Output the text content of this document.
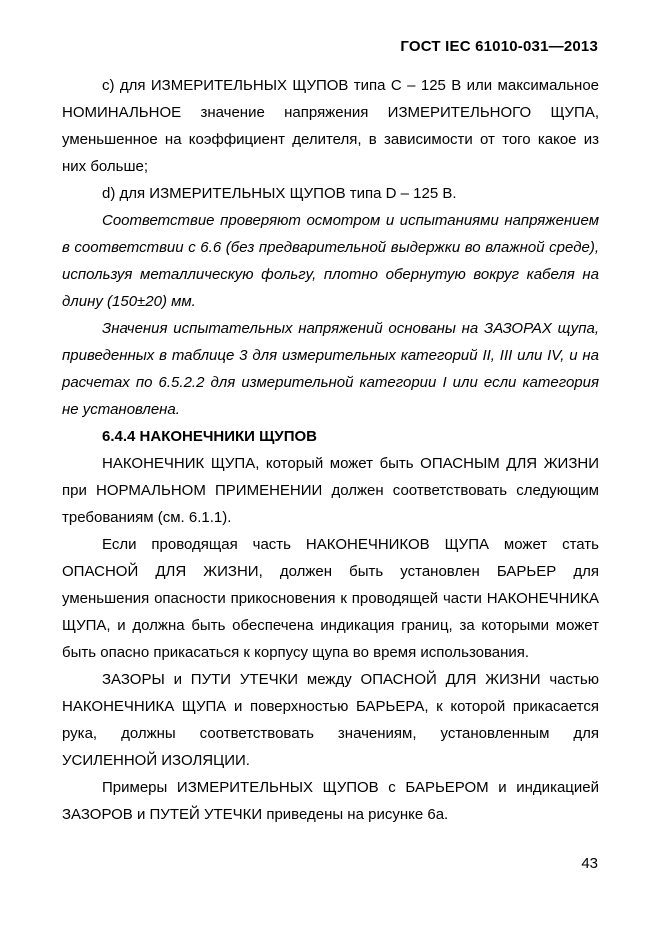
ГОСТ IEC 61010-031—2013

c) для ИЗМЕРИТЕЛЬНЫХ ЩУПОВ типа C – 125 В или максимальное НОМИНАЛЬНОЕ значение напряжения ИЗМЕРИТЕЛЬНОГО ЩУПА, уменьшенное на коэффициент делителя, в зависимости от того какое из них больше;

d) для ИЗМЕРИТЕЛЬНЫХ ЩУПОВ типа D – 125 В.

Соответствие проверяют осмотром и испытаниями напряжением в соответствии с 6.6 (без предварительной выдержки во влажной среде), используя металлическую фольгу, плотно обернутую вокруг кабеля на длину (150±20) мм.

Значения испытательных напряжений основаны на ЗАЗОРАХ щупа, приведенных в таблице 3 для измерительных категорий II, III или IV, и на расчетах по 6.5.2.2 для измерительной категории I или если категория не установлена.

6.4.4 НАКОНЕЧНИКИ ЩУПОВ

НАКОНЕЧНИК ЩУПА, который может быть ОПАСНЫМ ДЛЯ ЖИЗНИ при НОРМАЛЬНОМ ПРИМЕНЕНИИ должен соответствовать следующим требованиям (см. 6.1.1).

Если проводящая часть НАКОНЕЧНИКОВ ЩУПА может стать ОПАСНОЙ ДЛЯ ЖИЗНИ, должен быть установлен БАРЬЕР для уменьшения опасности прикосновения к проводящей части НАКОНЕЧНИКА ЩУПА, и должна быть обеспечена индикация границ, за которыми может быть опасно прикасаться к корпусу щупа во время использования.

ЗАЗОРЫ и ПУТИ УТЕЧКИ между ОПАСНОЙ ДЛЯ ЖИЗНИ частью НАКОНЕЧНИКА ЩУПА и поверхностью БАРЬЕРА, к которой прикасается рука, должны соответствовать значениям, установленным для УСИЛЕННОЙ ИЗОЛЯЦИИ.

Примеры ИЗМЕРИТЕЛЬНЫХ ЩУПОВ с БАРЬЕРОМ и индикацией ЗАЗОРОВ и ПУТЕЙ УТЕЧКИ приведены на рисунке 6а.

43
